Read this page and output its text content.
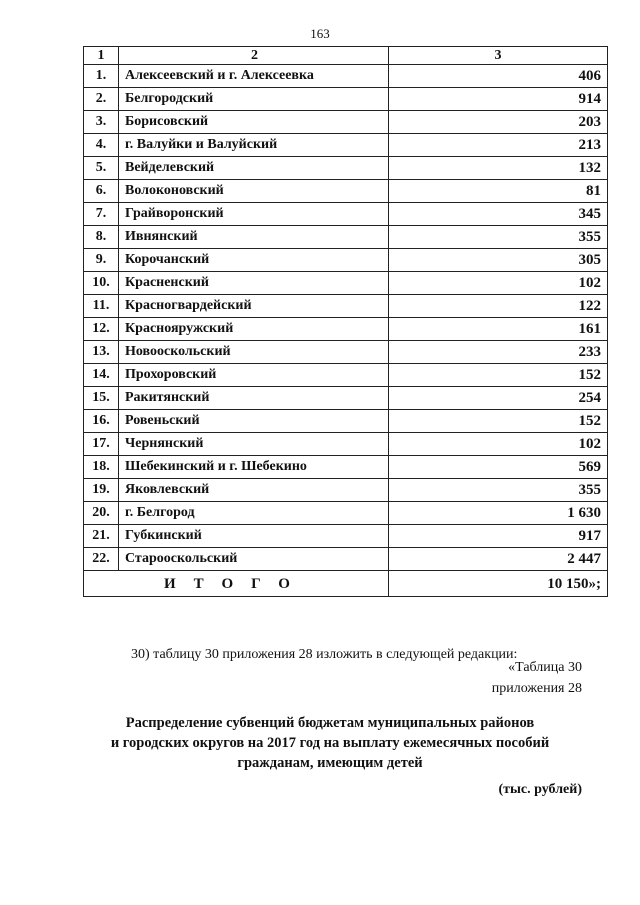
163
1	2	3
1.	Алексеевский и г. Алексеевка	406
2.	Белгородский	914
3.	Борисовский	203
4.	г. Валуйки и Валуйский	213
5.	Вейделевский	132
6.	Волоконовский	81
7.	Грайворонский	345
8.	Ивнянский	355
9.	Корочанский	305
10.	Красненский	102
11.	Красногвардейский	122
12.	Краснояружский	161
13.	Новооскольский	233
14.	Прохоровский	152
15.	Ракитянский	254
16.	Ровеньский	152
17.	Чернянский	102
18.	Шебекинский и г. Шебекино	569
19.	Яковлевский	355
20.	г. Белгород	1 630
21.	Губкинский	917
22.	Старооскольский	2 447
ИТОГО		10 150»;
30) таблицу 30 приложения 28 изложить в следующей редакции:
«Таблица 30
приложения 28
Распределение субвенций бюджетам муниципальных районов
и городских округов на 2017 год на выплату ежемесячных пособий
гражданам, имеющим детей
(тыс. рублей)
